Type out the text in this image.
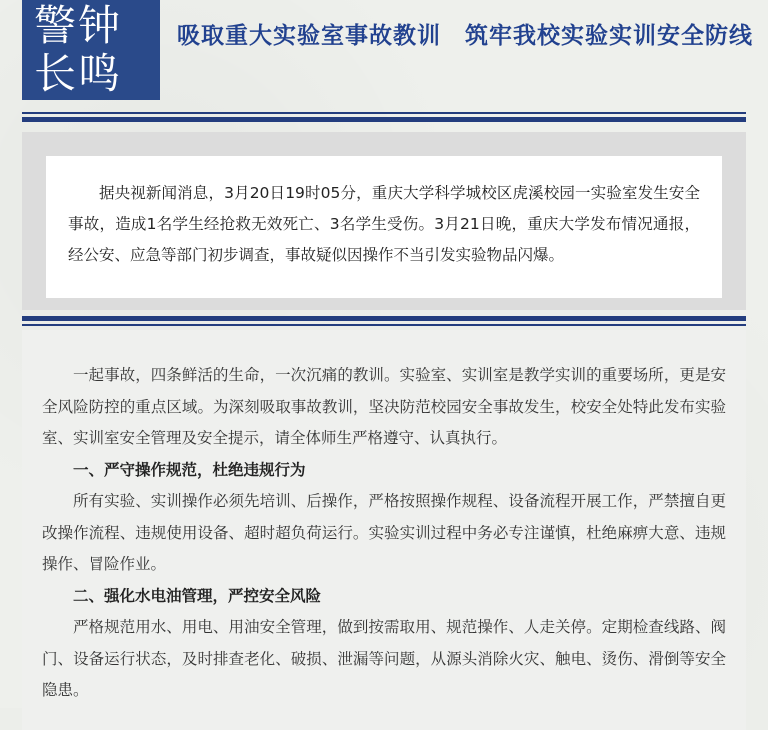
警钟
长鸣
吸取重大实验室事故教训　筑牢我校实验实训安全防线
据央视新闻消息，3月20日19时05分，重庆大学科学城校区虎溪校园一实验室发生安全事故，造成1名学生经抢救无效死亡、3名学生受伤。3月21日晚，重庆大学发布情况通报，经公安、应急等部门初步调查，事故疑似因操作不当引发实验物品闪爆。

一起事故，四条鲜活的生命，一次沉痛的教训。实验室、实训室是教学实训的重要场所，更是安全风险防控的重点区域。为深刻吸取事故教训，坚决防范校园安全事故发生，校安全处特此发布实验室、实训室安全管理及安全提示，请全体师生严格遵守、认真执行。

一、严守操作规范，杜绝违规行为

所有实验、实训操作必须先培训、后操作，严格按照操作规程、设备流程开展工作，严禁擅自更改操作流程、违规使用设备、超时超负荷运行。实验实训过程中务必专注谨慎，杜绝麻痹大意、违规操作、冒险作业。

二、强化水电油管理，严控安全风险

严格规范用水、用电、用油安全管理，做到按需取用、规范操作、人走关停。定期检查线路、阀门、设备运行状态，及时排查老化、破损、泄漏等问题，从源头消除火灾、触电、烫伤、滑倒等安全隐患。
